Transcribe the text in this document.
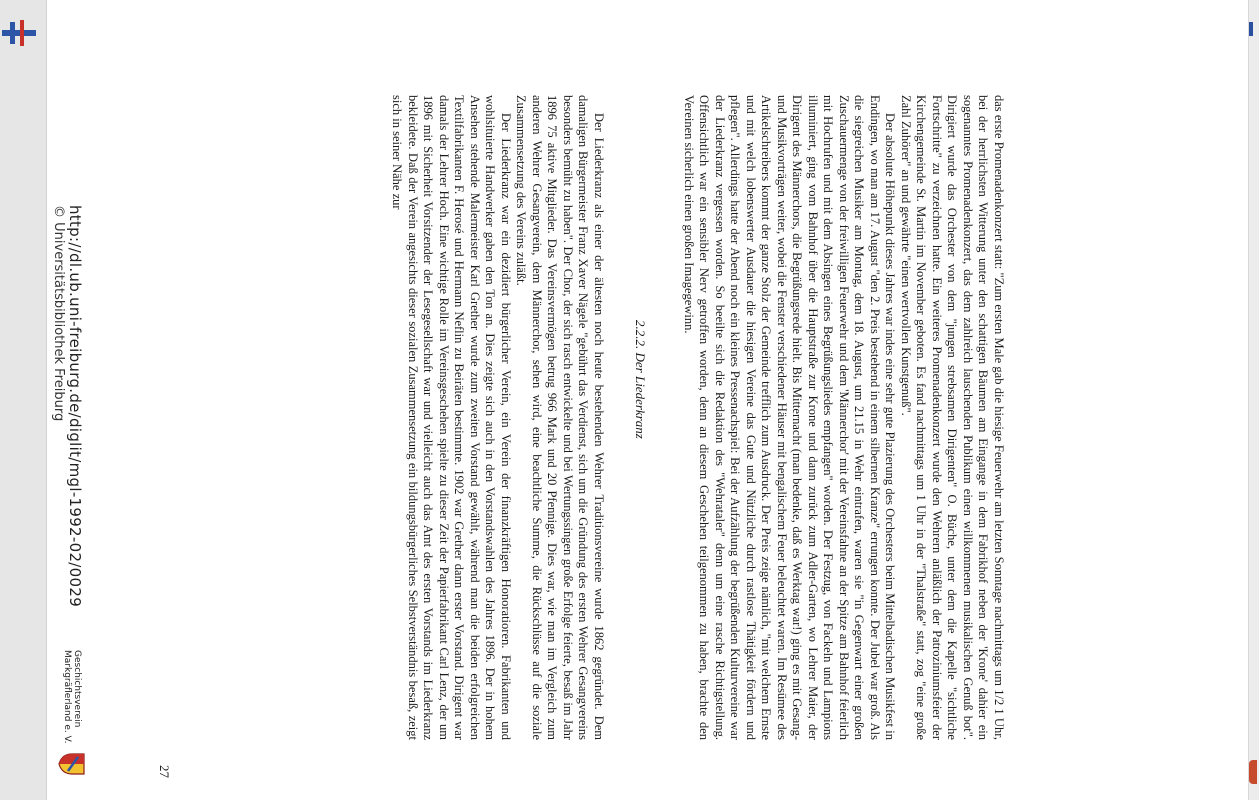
das erste Promenadenkonzert statt: "Zum ersten Male gab die hiesige Feuerwehr am letzten Sonntage nachmittags um 1/2 1 Uhr, bei der herrlichsten Witterung unter den schattigen Bäumen am Eingange in dem Fabrikhof neben der 'Krone' dahier ein sogenanntes Promenadenkonzert, das dem zahlreich lauschenden Publikum einen willkommenen musikalischen Genuß bot". Dirigiert wurde das Orchester von dem "jungen strebsamen Dirigenten" O. Büche, unter dem die Kapelle "sichtliche Fortschritte" zu verzeichnen hatte. Ein weiteres Promenadenkonzert wurde den Wehrern anläßlich der Patroziniumsfeier der Kirchengemeinde St. Martin im November geboten. Es fand nachmittags um 1 Uhr in der "Thalstraße" statt, zog "eine große Zahl Zuhörer" an und gewährte "einen wertvollen Kunstgenuß".

Der absolute Höhepunkt dieses Jahres war indes eine sehr gute Plazierung des Orchesters beim Mittelbadischen Musikfest in Endingen, wo man am 17. August "den 2. Preis bestehend in einem silbernen Kranze" errungen konnte. Der Jubel war groß. Als die siegreichen Musiker am Montag, dem 18. August, um 21.15 in Wehr eintrafen, waren sie "in Gegenwart einer großen Zuschauermenge von der freiwilligen Feuerwehr und dem 'Männerchor' mit der Vereinsfahne an der Spitze am Bahnhof feierlich mit Hochrufen und mit dem Absingen eines Begrüßungsliedes empfangen" worden. Der Festzug, von Fackeln und Lampions illuminiert, ging vom Bahnhof über die Hauptstraße zur Krone und dann zurück zum Adler-Garten, wo Lehrer Maier, der Dirigent des Männerchors, die Begrüßungsrede hielt. Bis Mitternacht (man bedenke, daß es Werktag war!) ging es mit Gesang- und Musikvorträgen weiter, wobei die Fenster verschiedener Häuser mit bengalischem Feuer beleuchtet waren. Im Resümee des Artikelschreibers kommt der ganze Stolz der Gemeinde trefflich zum Ausdruck. Der Preis zeige nämlich, "mit welchem Ernste und mit welch lobenswerter Ausdauer die hiesigen Vereine das Gute und Nützliche durch rastlose Thätigkeit fördern und pflegen". Allerdings hatte der Abend noch ein kleines Pressenachspiel: Bei der Aufzählung der begrüßenden Kulturvereine war der Liederkranz vergessen worden. So beeilte sich die Redaktion des "Wehrataler" denn um eine rasche Richtigstellung. Offensichtlich war ein sensibler Nerv getroffen worden, denn an diesem Geschehen teilgenommen zu haben, brachte den Vereinen sicherlich einen großen Imagegewinn.

2.2.2. Der Liederkranz

Der Liederkranz als einer der ältesten noch heute bestehenden Wehrer Traditionsvereine wurde 1862 gegründet. Dem damaligen Bürgermeister Franz Xaver Nägele "gebührt das Verdienst, sich um die Gründung des ersten Wehrer Gesangvereins besonders bemüht zu haben". Der Chor, der sich rasch entwickelte und bei Wertungssingen große Erfolge feierte, besaß im Jahr 1896 75 aktive Mitglieder. Das Vereinsvermögen betrug 966 Mark und 20 Pfennige. Dies war, wie man im Vergleich zum anderen Wehrer Gesangverein, dem Männerchor, sehen wird, eine beachtliche Summe, die Rückschlüsse auf die soziale Zusammensetzung des Vereins zuläßt.

Der Liederkranz war ein dezidiert bürgerlicher Verein, ein Verein der finanzkräftigen Honoratioren. Fabrikanten und wohlsituierte Handwerker gaben den Ton an. Dies zeigte sich auch in den Vorstandswahlen des Jahres 1896. Der in hohem Ansehen stehende Malermeister Karl Grether wurde zum zweiten Vorstand gewählt, während man die beiden erfolgreichen Textilfabrikanten F. Herosé und Hermann Neflin zu Beiräten bestimmte. 1902 war Grether dann erster Vorstand. Dirigent war damals der Lehrer Hoch. Eine wichtige Rolle im Vereinsgeschehen spielte zu dieser Zeit der Papierfabrikant Carl Lenz, der um 1896 mit Sicherheit Vorsitzender der Lesegesellschaft war und vielleicht auch das Amt des ersten Vorstands im Liederkranz bekleidete. Daß der Verein angesichts dieser sozialen Zusammensetzung ein bildungsbürgerliches Selbstverständnis besaß, zeigt sich in seiner Nähe zur

27
http://dl.ub.uni-freiburg.de/diglit/mgl-1992-02/0029
© Universitätsbibliothek Freiburg
Geschichtsverein
Markgräflerland e. V.
